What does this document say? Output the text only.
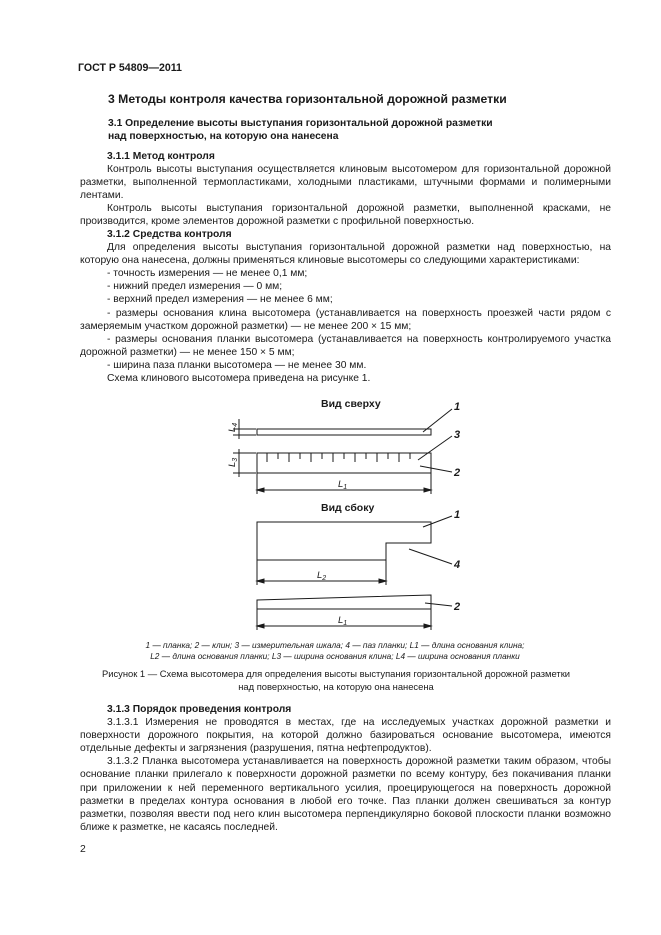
ГОСТ Р 54809—2011
3 Методы контроля качества горизонтальной дорожной разметки
3.1 Определение высоты выступания горизонтальной дорожной разметки
над поверхностью, на которую она нанесена

3.1.1 Метод контроля

Контроль высоты выступания осуществляется клиновым высотомером для горизонтальной дорожной разметки, выполненной термопластиками, холодными пластиками, штучными формами и полимерными лентами.

Контроль высоты выступания горизонтальной дорожной разметки, выполненной красками, не производится, кроме элементов дорожной разметки с профильной поверхностью.

3.1.2 Средства контроля

Для определения высоты выступания горизонтальной дорожной разметки над поверхностью, на которую она нанесена, должны применяться клиновые высотомеры со следующими характеристиками:

- точность измерения — не менее 0,1 мм;

- нижний предел измерения — 0 мм;

- верхний предел измерения — не менее 6 мм;

- размеры основания клина высотомера (устанавливается на поверхность проезжей части рядом с замеряемым участком дорожной разметки) — не менее 200 × 15 мм;

- размеры основания планки высотомера (устанавливается на поверхность контролируемого участка дорожной разметки) — не менее 150 × 5 мм;

- ширина паза планки высотомера — не менее 30 мм.

Схема клинового высотомера приведена на рисунке 1.

Вид сверху
Вид сбоку
1
3
2
1
4
2
$L_4$
$L_3$
$L_1$
$L_2$
$L_1$
1 — планка; 2 — клин; 3 — измерительная шкала; 4 — паз планки; L1 — длина основания клина;
L2 — длина основания планки; L3 — ширина основания клина; L4 — ширина основания планки
Рисунок 1 — Схема высотомера для определения высоты выступания горизонтальной дорожной разметки
над поверхностью, на которую она нанесена

3.1.3 Порядок проведения контроля

3.1.3.1 Измерения не проводятся в местах, где на исследуемых участках дорожной разметки и поверхности дорожного покрытия, на которой должно базироваться основание высотомера, имеются отдельные дефекты и загрязнения (разрушения, пятна нефтепродуктов).

3.1.3.2 Планка высотомера устанавливается на поверхность дорожной разметки таким образом, чтобы основание планки прилегало к поверхности дорожной разметки по всему контуру, без покачивания планки при приложении к ней переменного вертикального усилия, проецирующегося на поверхность дорожной разметки в пределах контура основания в любой его точке. Паз планки должен свешиваться за контур разметки, позволяя ввести под него клин высотомера перпендикулярно боковой плоскости планки возможно ближе к разметке, не касаясь последней.

2
